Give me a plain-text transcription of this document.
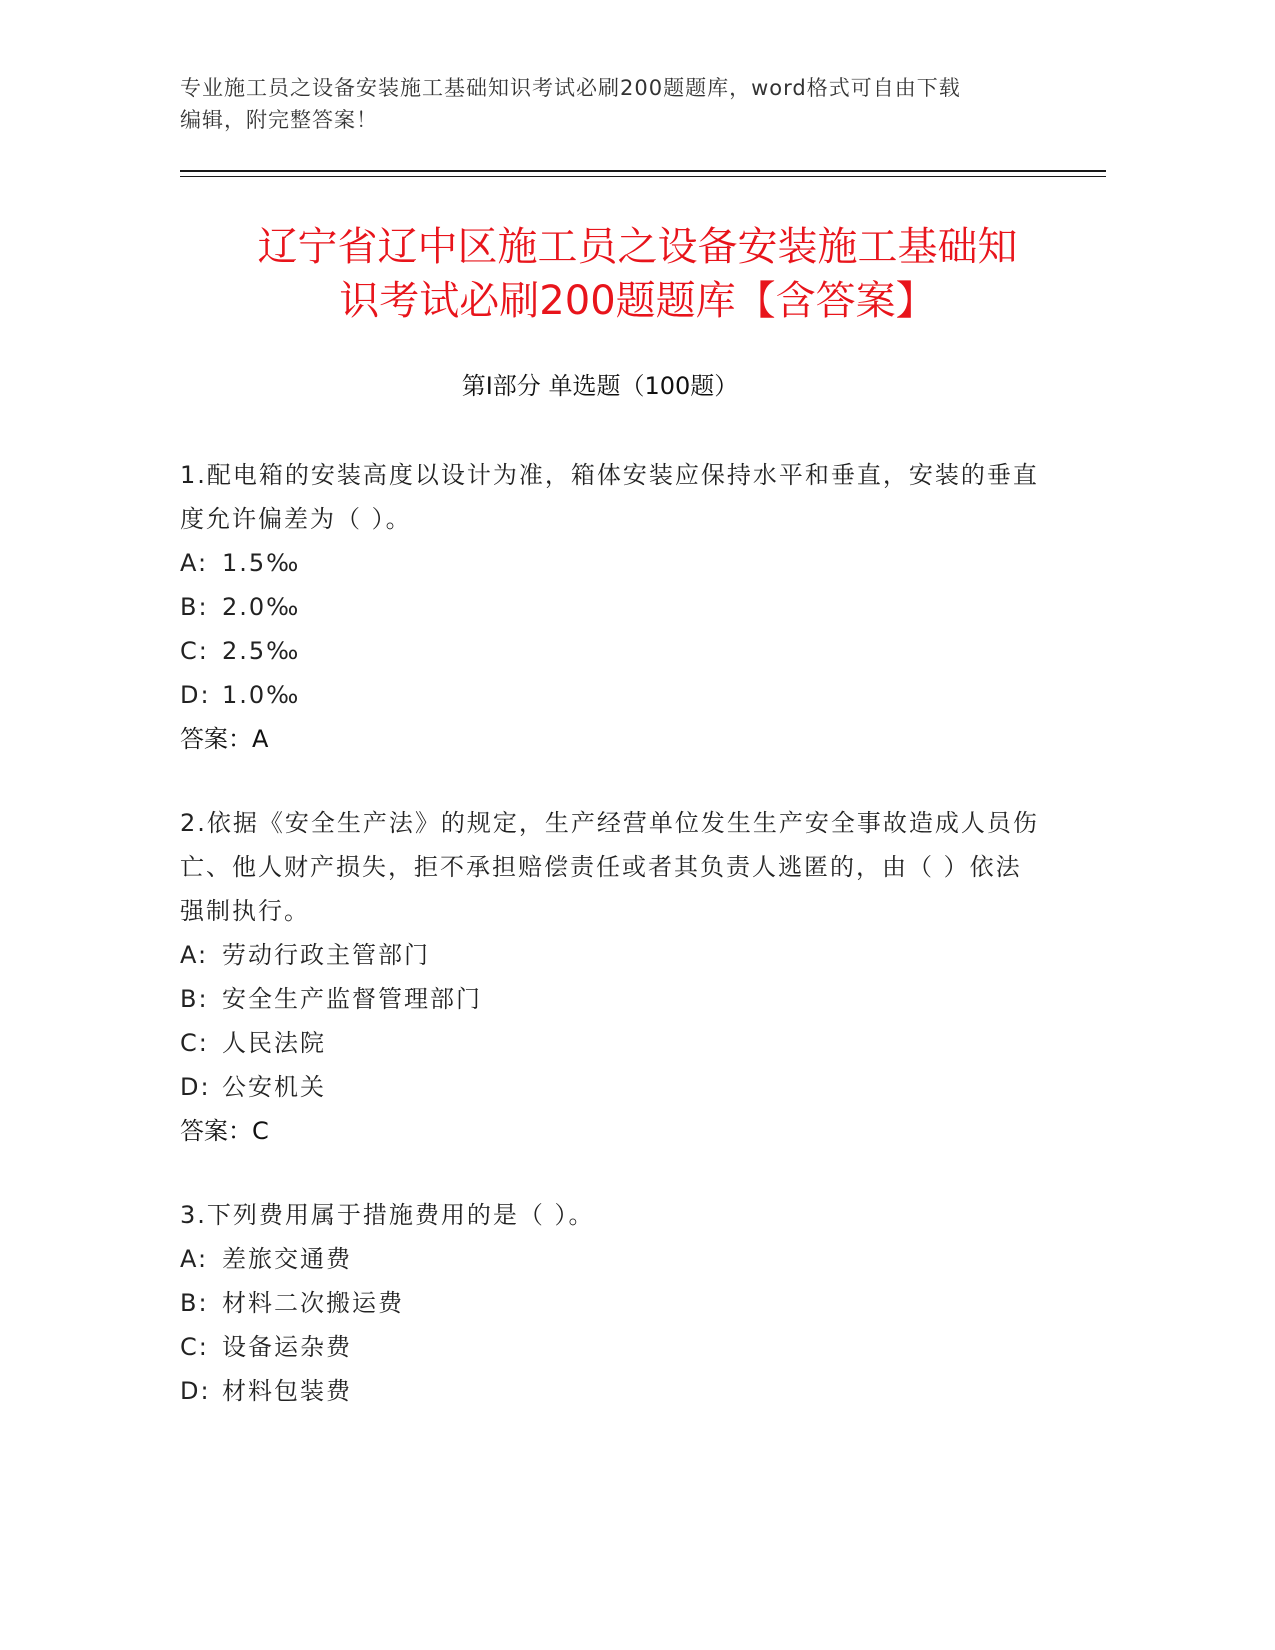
专业施工员之设备安装施工基础知识考试必刷200题题库，word格式可自由下载
编辑，附完整答案！
辽宁省辽中区施工员之设备安装施工基础知
识考试必刷200题题库【含答案】
第Ⅰ部分 单选题（100题）

1.配电箱的安装高度以设计为准，箱体安装应保持水平和垂直，安装的垂直度允许偏差为（ ）。

A: 1.5‰

B: 2.0‰

C: 2.5‰

D: 1.0‰

答案：A

2.依据《安全生产法》的规定，生产经营单位发生生产安全事故造成人员伤亡、他人财产损失，拒不承担赔偿责任或者其负责人逃匿的，由（ ）依法强制执行。

A: 劳动行政主管部门

B: 安全生产监督管理部门

C: 人民法院

D: 公安机关

答案：C

3.下列费用属于措施费用的是（ ）。

A: 差旅交通费

B: 材料二次搬运费

C: 设备运杂费

D: 材料包装费
